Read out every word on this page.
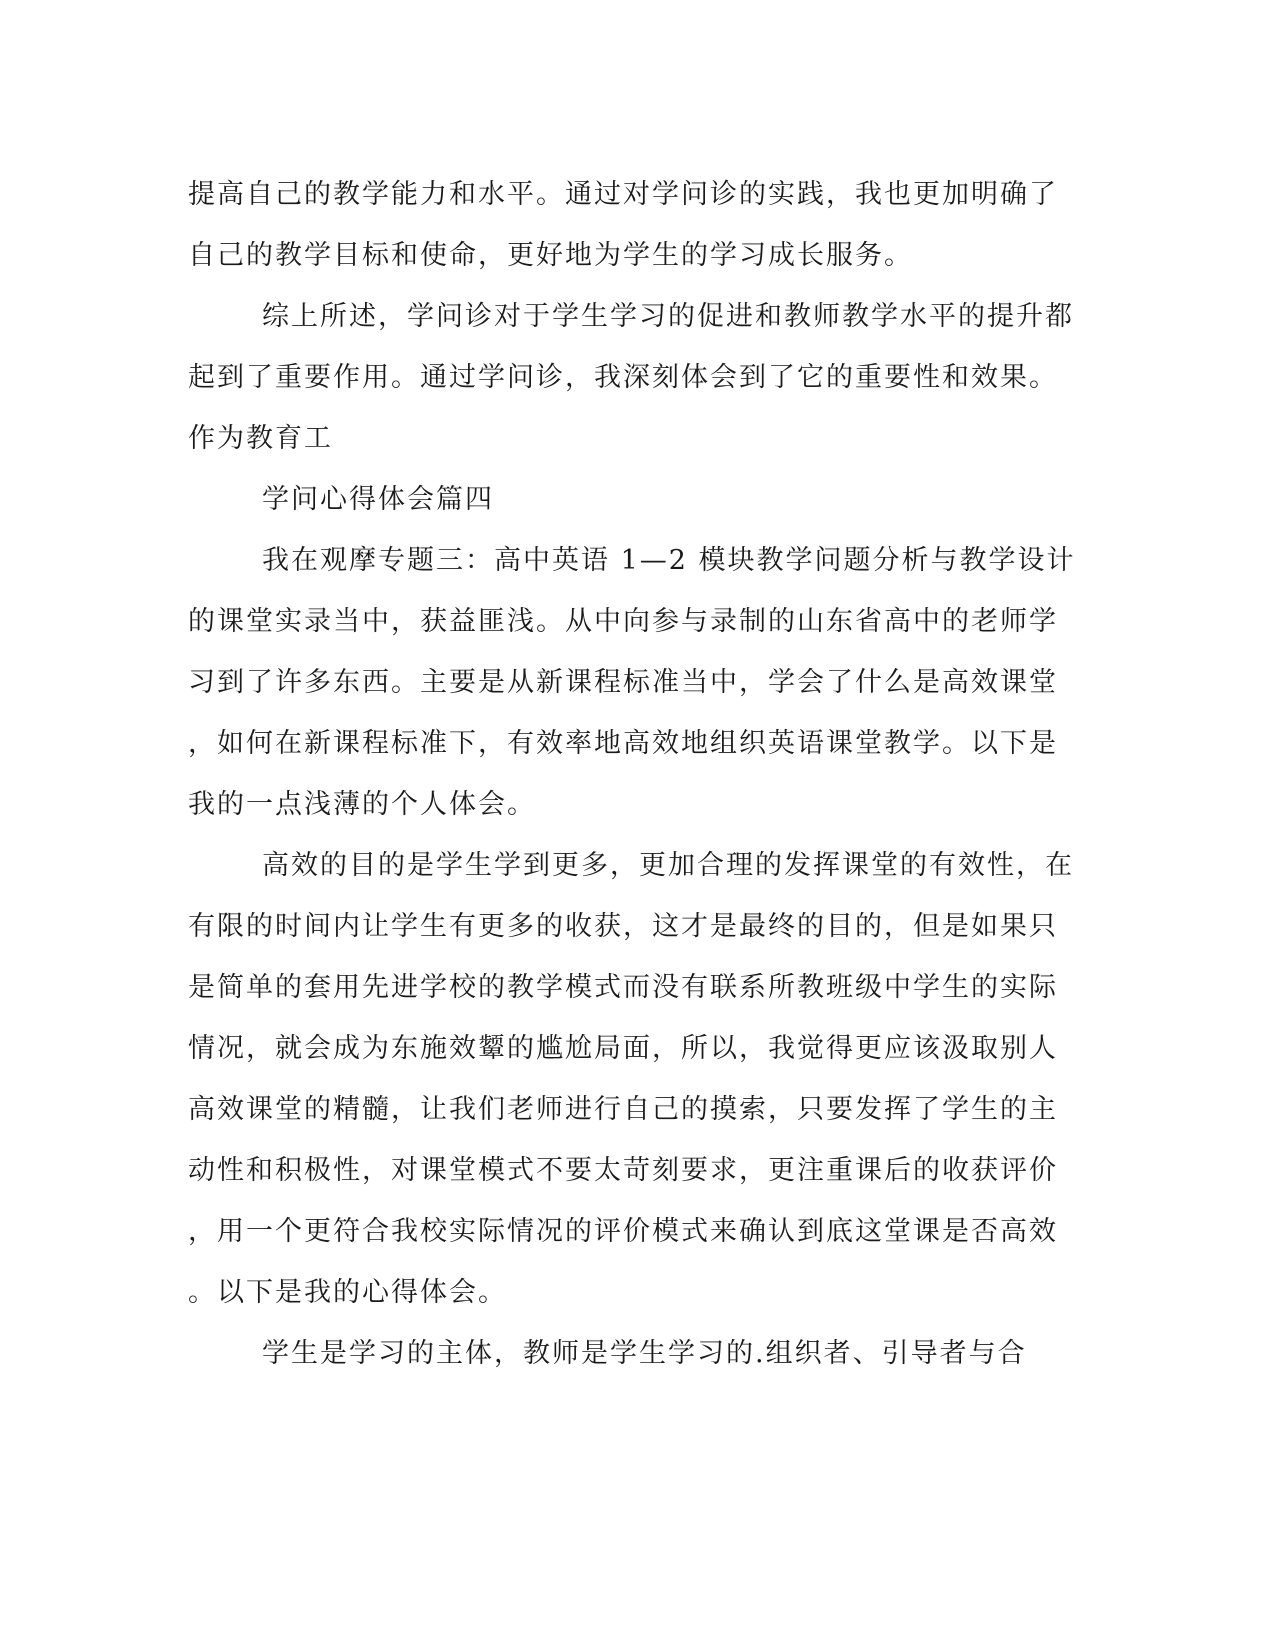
提高自己的教学能力和水平。通过对学问诊的实践，我也更加明确了
自己的教学目标和使命，更好地为学生的学习成长服务。
综上所述，学问诊对于学生学习的促进和教师教学水平的提升都
起到了重要作用。通过学问诊，我深刻体会到了它的重要性和效果。
作为教育工
学问心得体会篇四
我在观摩专题三：高中英语 1—2 模块教学问题分析与教学设计
的课堂实录当中，获益匪浅。从中向参与录制的山东省高中的老师学
习到了许多东西。主要是从新课程标准当中，学会了什么是高效课堂
，如何在新课程标准下，有效率地高效地组织英语课堂教学。以下是
我的一点浅薄的个人体会。
高效的目的是学生学到更多，更加合理的发挥课堂的有效性，在
有限的时间内让学生有更多的收获，这才是最终的目的，但是如果只
是简单的套用先进学校的教学模式而没有联系所教班级中学生的实际
情况，就会成为东施效颦的尴尬局面，所以，我觉得更应该汲取别人
高效课堂的精髓，让我们老师进行自己的摸索，只要发挥了学生的主
动性和积极性，对课堂模式不要太苛刻要求，更注重课后的收获评价
，用一个更符合我校实际情况的评价模式来确认到底这堂课是否高效
。以下是我的心得体会。
学生是学习的主体，教师是学生学习的.组织者、引导者与合
